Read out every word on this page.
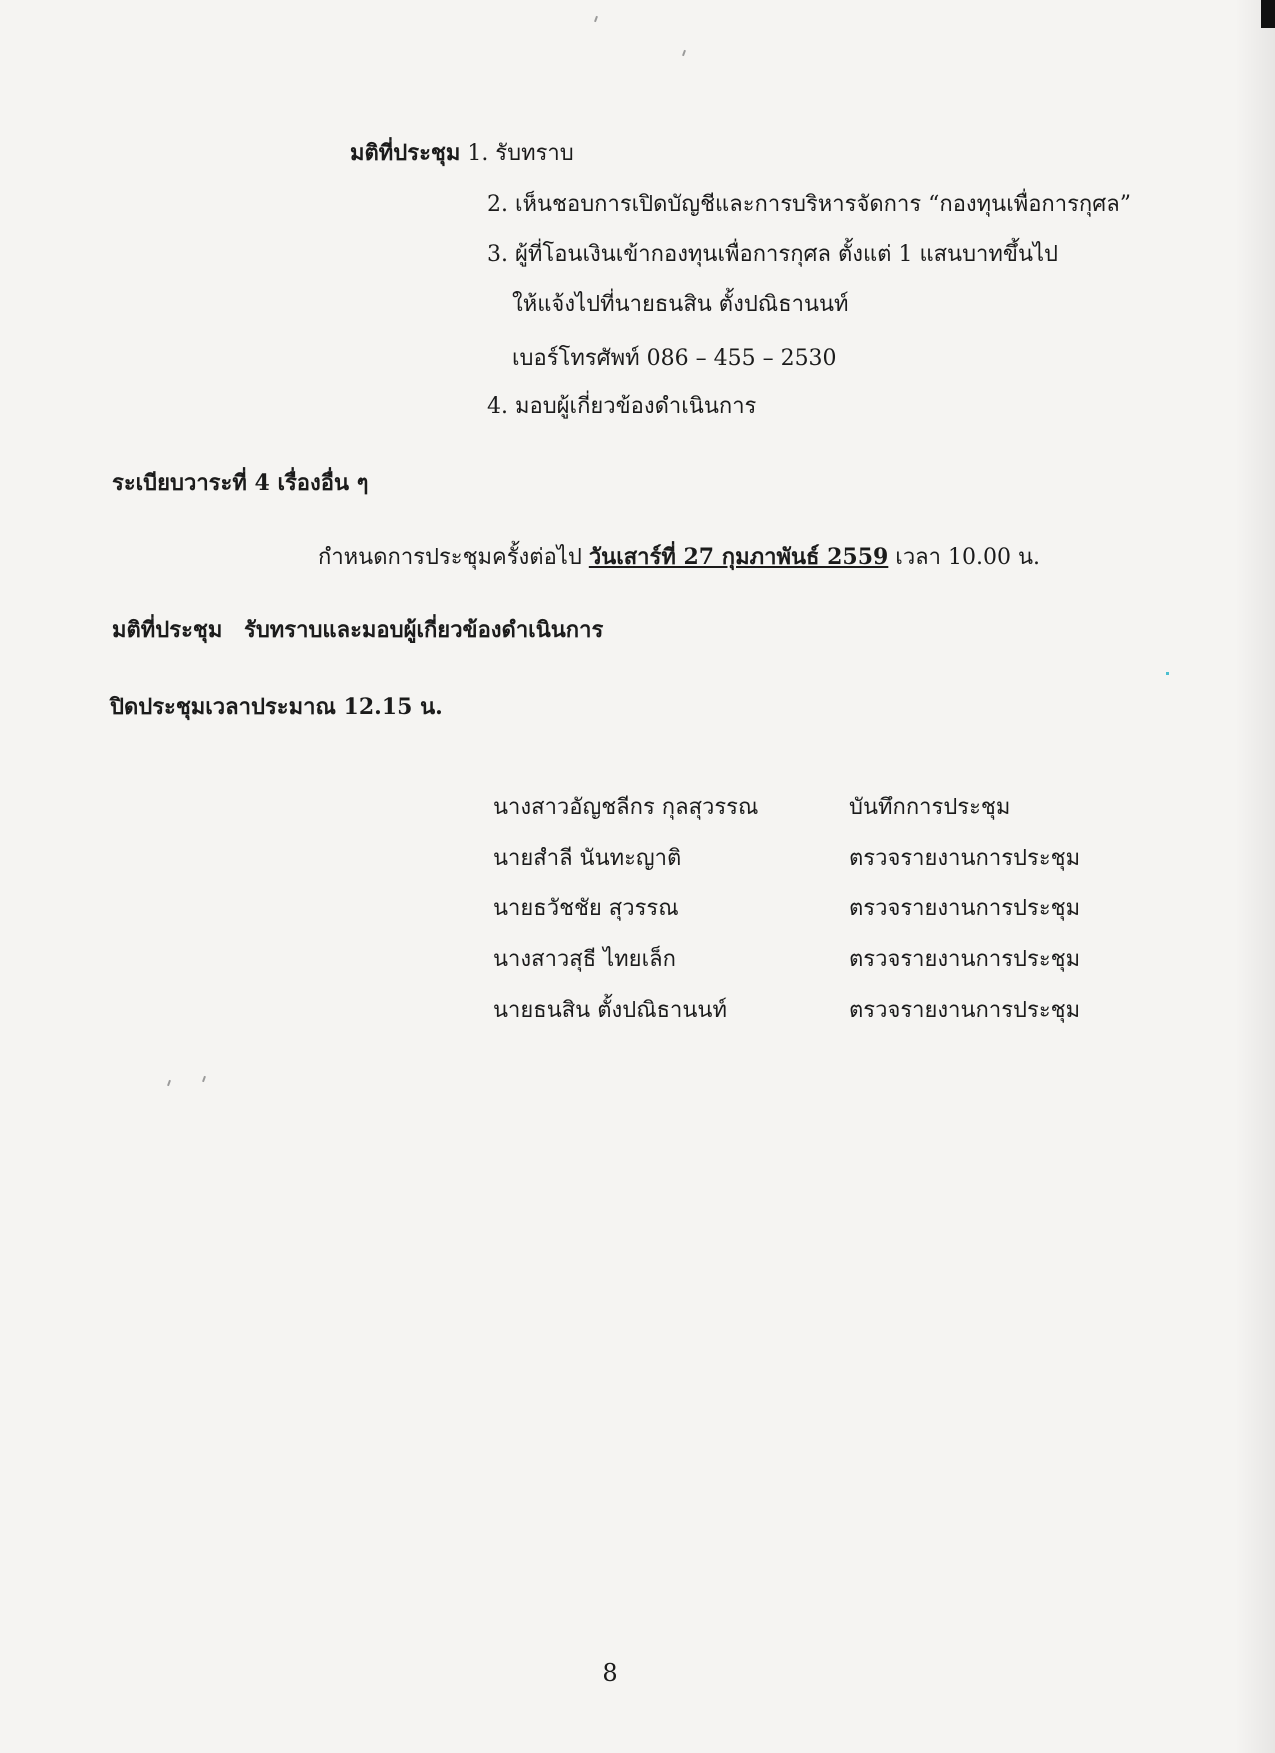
มติที่ประชุม 1. รับทราบ
2. เห็นชอบการเปิดบัญชีและการบริหารจัดการ “กองทุนเพื่อการกุศล”
3. ผู้ที่โอนเงินเข้ากองทุนเพื่อการกุศล ตั้งแต่ 1 แสนบาทขึ้นไป
ให้แจ้งไปที่นายธนสิน ตั้งปณิธานนท์
เบอร์โทรศัพท์ 086 – 455 – 2530
4. มอบผู้เกี่ยวข้องดำเนินการ
ระเบียบวาระที่ 4 เรื่องอื่น ๆ
กำหนดการประชุมครั้งต่อไป วันเสาร์ที่ 27 กุมภาพันธ์ 2559 เวลา 10.00 น.
มติที่ประชุม รับทราบและมอบผู้เกี่ยวข้องดำเนินการ
ปิดประชุมเวลาประมาณ 12.15 น.
นางสาวอัญชลีกร กุลสุวรรณ	บันทึกการประชุม
นายสำลี นันทะญาติ	ตรวจรายงานการประชุม
นายธวัชชัย สุวรรณ	ตรวจรายงานการประชุม
นางสาวสุธี ไทยเล็ก	ตรวจรายงานการประชุม
นายธนสิน ตั้งปณิธานนท์	ตรวจรายงานการประชุม
8
